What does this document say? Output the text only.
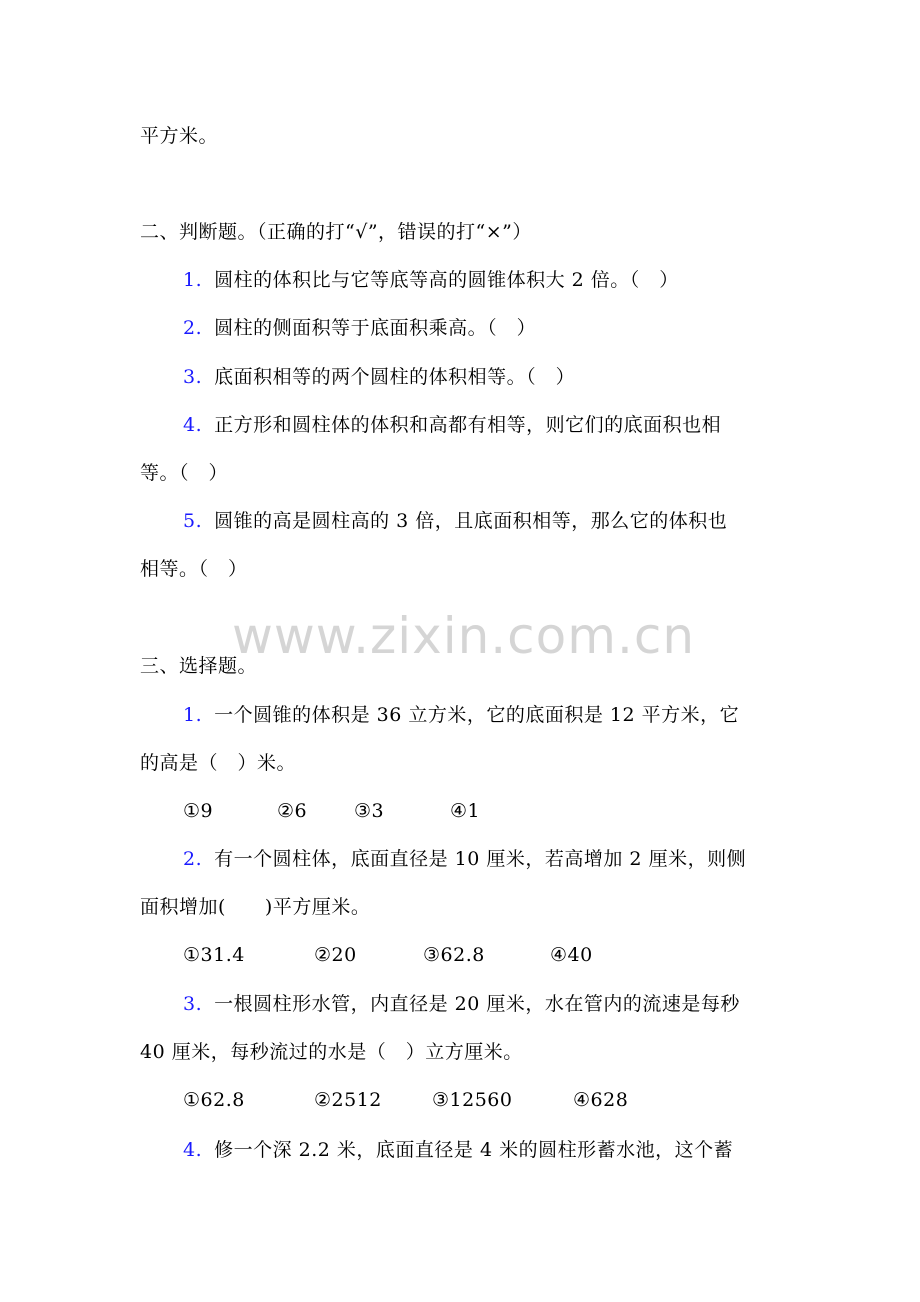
平方米。
二、判断题。（正确的打“√”，错误的打“×”）
1. 圆柱的体积比与它等底等高的圆锥体积大 2 倍。（　）
2. 圆柱的侧面积等于底面积乘高。（　）
3. 底面积相等的两个圆柱的体积相等。（　）
4. 正方形和圆柱体的体积和高都有相等，则它们的底面积也相
等。（　）
5. 圆锥的高是圆柱高的 3 倍，且底面积相等，那么它的体积也
相等。（　）
www.zixin.com.cn
三、选择题。
1. 一个圆锥的体积是 36 立方米，它的底面积是 12 平方米，它
的高是（　）米。
①9	②6 ③3	④1
2. 有一个圆柱体，底面直径是 10 厘米，若高增加 2 厘米，则侧
面积增加(　　)平方厘米。
①31.4	②20	③62.8	④40
3. 一根圆柱形水管，内直径是 20 厘米，水在管内的流速是每秒
40 厘米，每秒流过的水是（　）立方厘米。
①62.8	②2512	③12560	④628
4. 修一个深 2.2 米，底面直径是 4 米的圆柱形蓄水池，这个蓄
